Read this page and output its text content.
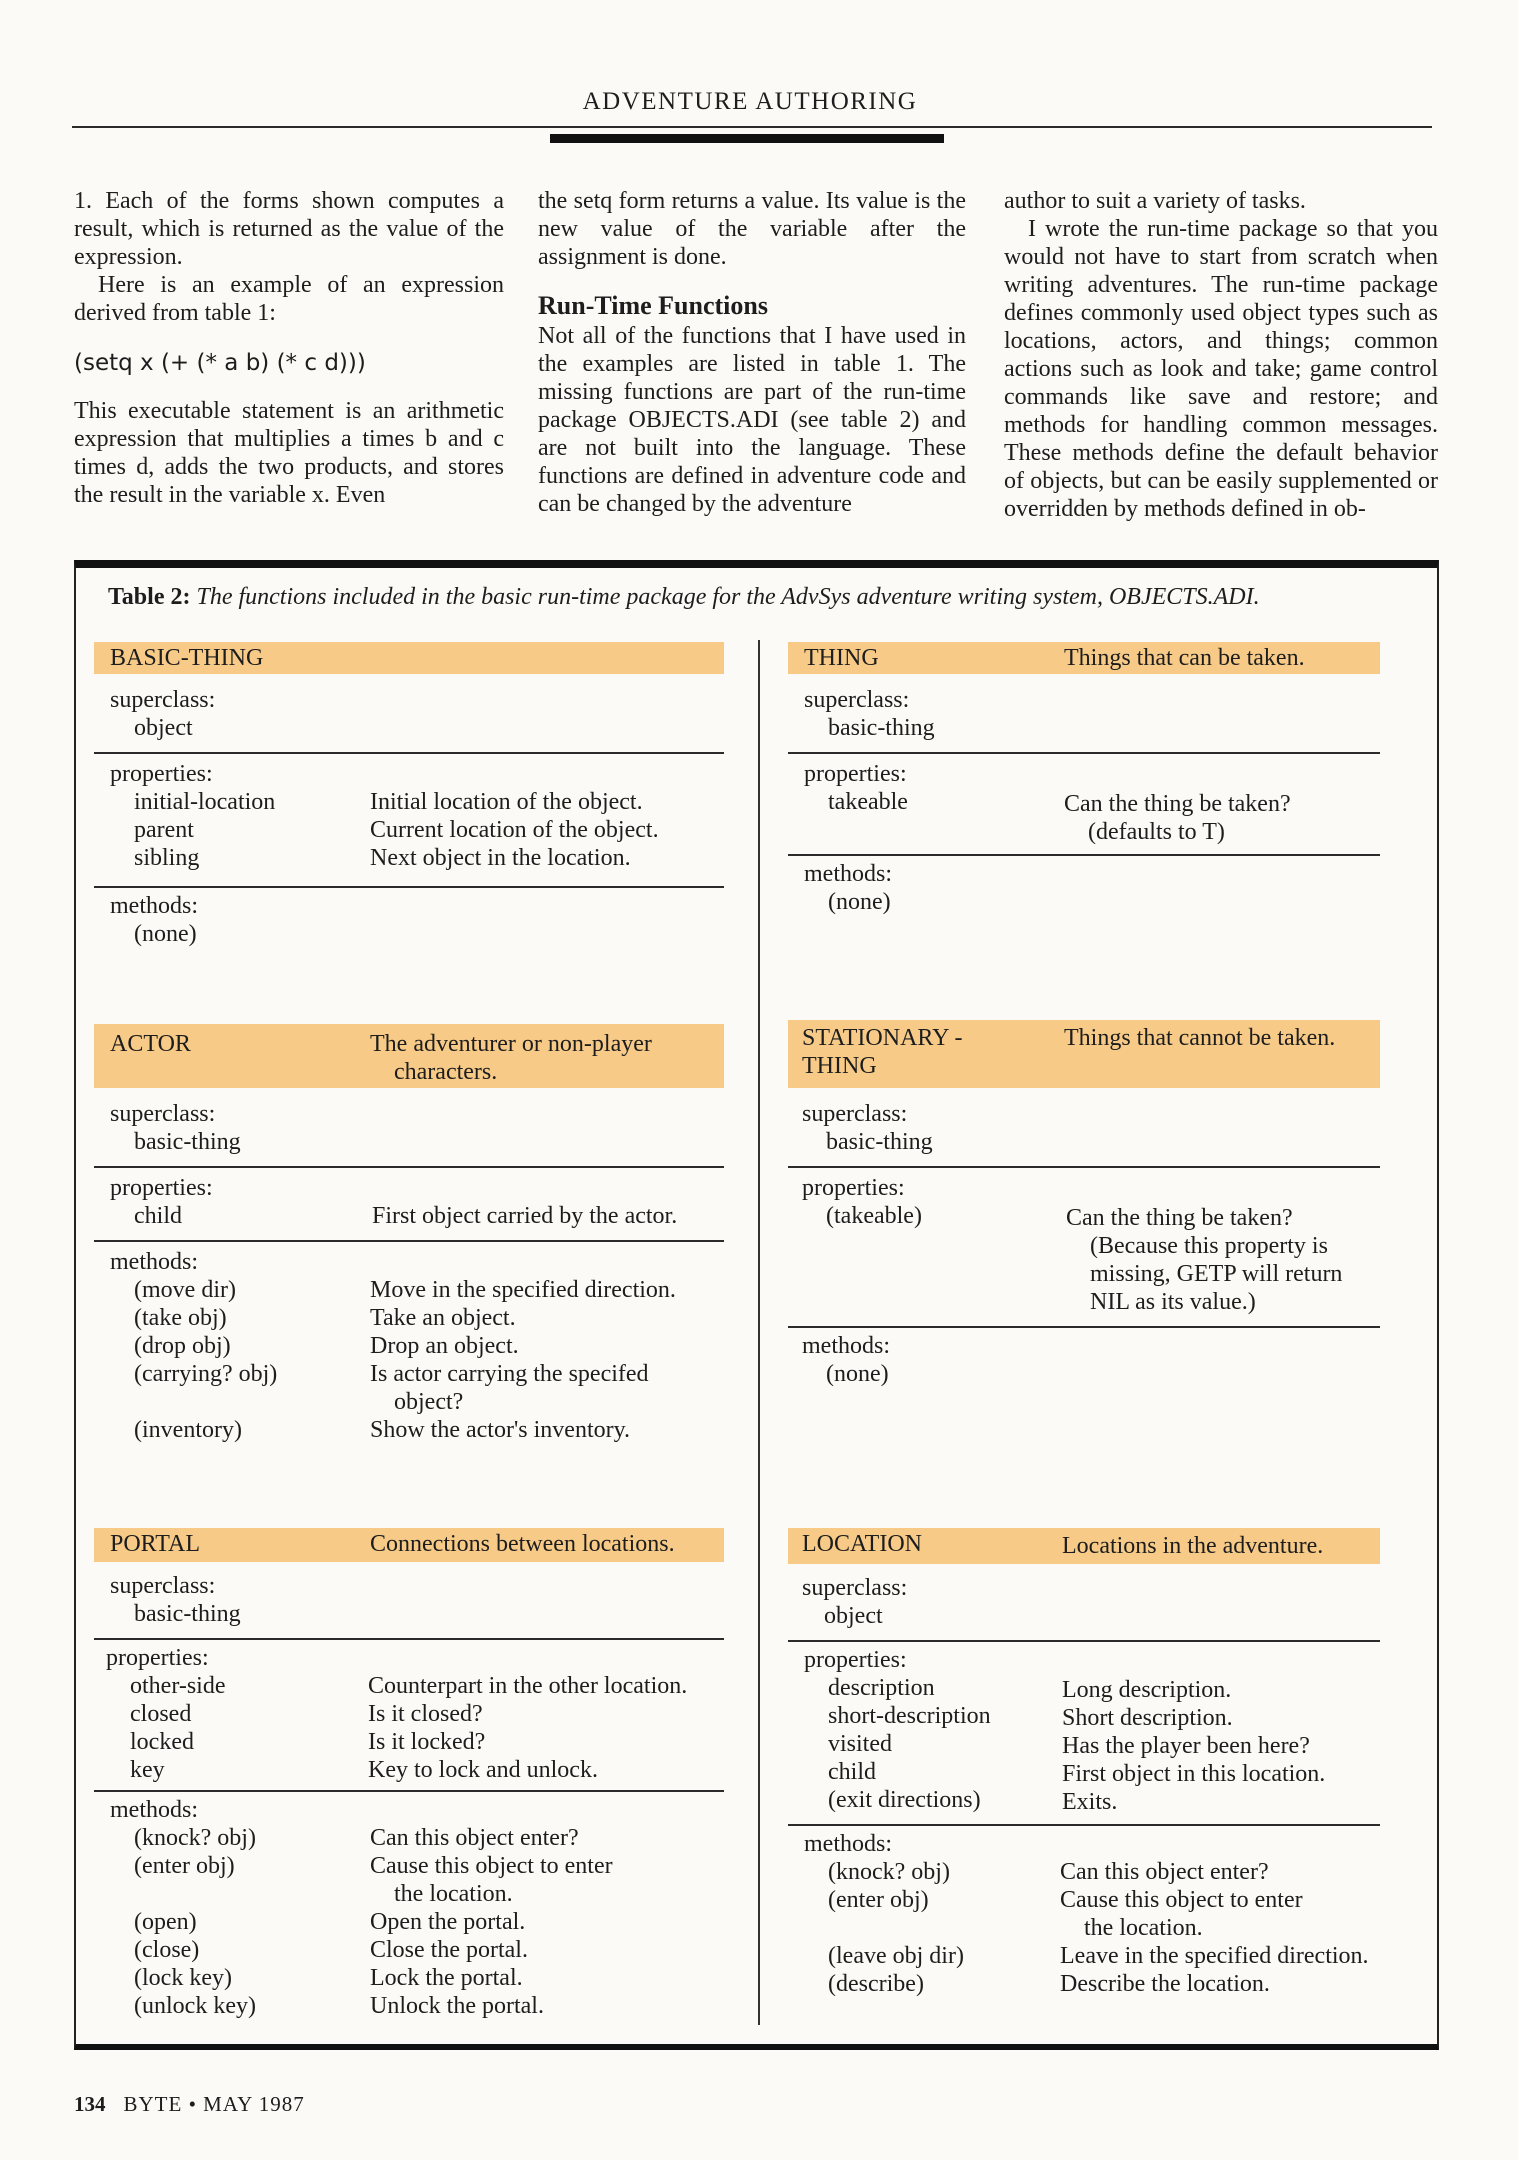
ADVENTURE AUTHORING

1. Each of the forms shown computes a result, which is returned as the value of the expression.

Here is an example of an expression derived from table 1:

(setq x (+ (* a b) (* c d)))

This executable statement is an arithmetic expression that multiplies a times b and c times d, adds the two products, and stores the result in the variable x. Even

the setq form returns a value. Its value is the new value of the variable after the assignment is done.

Run-Time Functions

Not all of the functions that I have used in the examples are listed in table 1. The missing functions are part of the run-time package OBJECTS.ADI (see table 2) and are not built into the language. These functions are defined in adventure code and can be changed by the adventure

author to suit a variety of tasks.

I wrote the run-time package so that you would not have to start from scratch when writing adventures. The run-time package defines commonly used object types such as locations, actors, and things; common actions such as look and take; game control commands like save and restore; and methods for handling common messages. These methods define the default behavior of objects, but can be easily supplemented or overridden by methods defined in ob-

Table 2: The functions included in the basic run-time package for the AdvSys adventure writing system, OBJECTS.ADI.
BASIC-THING
superclass:
object
properties:
initial-location	Initial location of the object.
parent	Current location of the object.
sibling	Next object in the location.
methods:
(none)
THING	Things that can be taken.
superclass:
basic-thing
properties:
takeable	Can the thing be taken?
(defaults to T)
methods:
(none)
ACTOR	The adventurer or non-player
characters.
superclass:
basic-thing
properties:
child	First object carried by the actor.
methods:
(move dir)	Move in the specified direction.
(take obj)	Take an object.
(drop obj)	Drop an object.
(carrying? obj)	Is actor carrying the specifed
object?
(inventory)	Show the actor's inventory.
STATIONARY -
THING
Things that cannot be taken.
superclass:
basic-thing
properties:
(takeable)	Can the thing be taken?
(Because this property is
missing, GETP will return
NIL as its value.)
methods:
(none)
PORTAL	Connections between locations.
superclass:
basic-thing
properties:
other-side	Counterpart in the other location.
closed	Is it closed?
locked	Is it locked?
key	Key to lock and unlock.
methods:
(knock? obj)	Can this object enter?
(enter obj)	Cause this object to enter
the location.
(open)	Open the portal.
(close)	Close the portal.
(lock key)	Lock the portal.
(unlock key)	Unlock the portal.
LOCATION	Locations in the adventure.
superclass:
object
properties:
description	Long description.
short-description	Short description.
visited	Has the player been here?
child	First object in this location.
(exit directions)	Exits.
methods:
(knock? obj)	Can this object enter?
(enter obj)	Cause this object to enter
the location.
(leave obj dir)	Leave in the specified direction.
(describe)	Describe the location.
134 BYTE • MAY 1987
